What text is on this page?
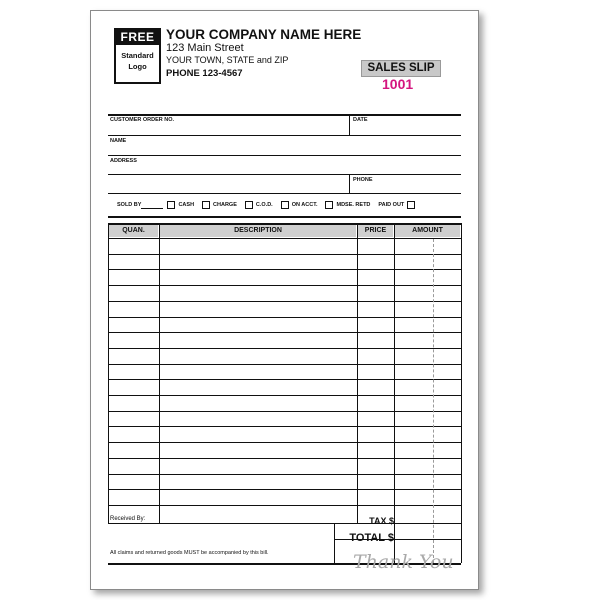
FREE
Standard
Logo
YOUR COMPANY NAME HERE
123 Main Street
YOUR TOWN, STATE and ZIP
PHONE 123-4567	SALES SLIP
1001
CUSTOMER ORDER NO.	DATE
NAME
ADDRESS
PHONE
SOLD BY	CASH	CHARGE	C.O.D.	ON ACCT.	MDSE. RETD PAID OUT
QUAN.	DESCRIPTION	PRICE	AMOUNT
Received By:	TAX $
TOTAL $
All claims and returned goods MUST be accompanied by this bill.	Thank You
